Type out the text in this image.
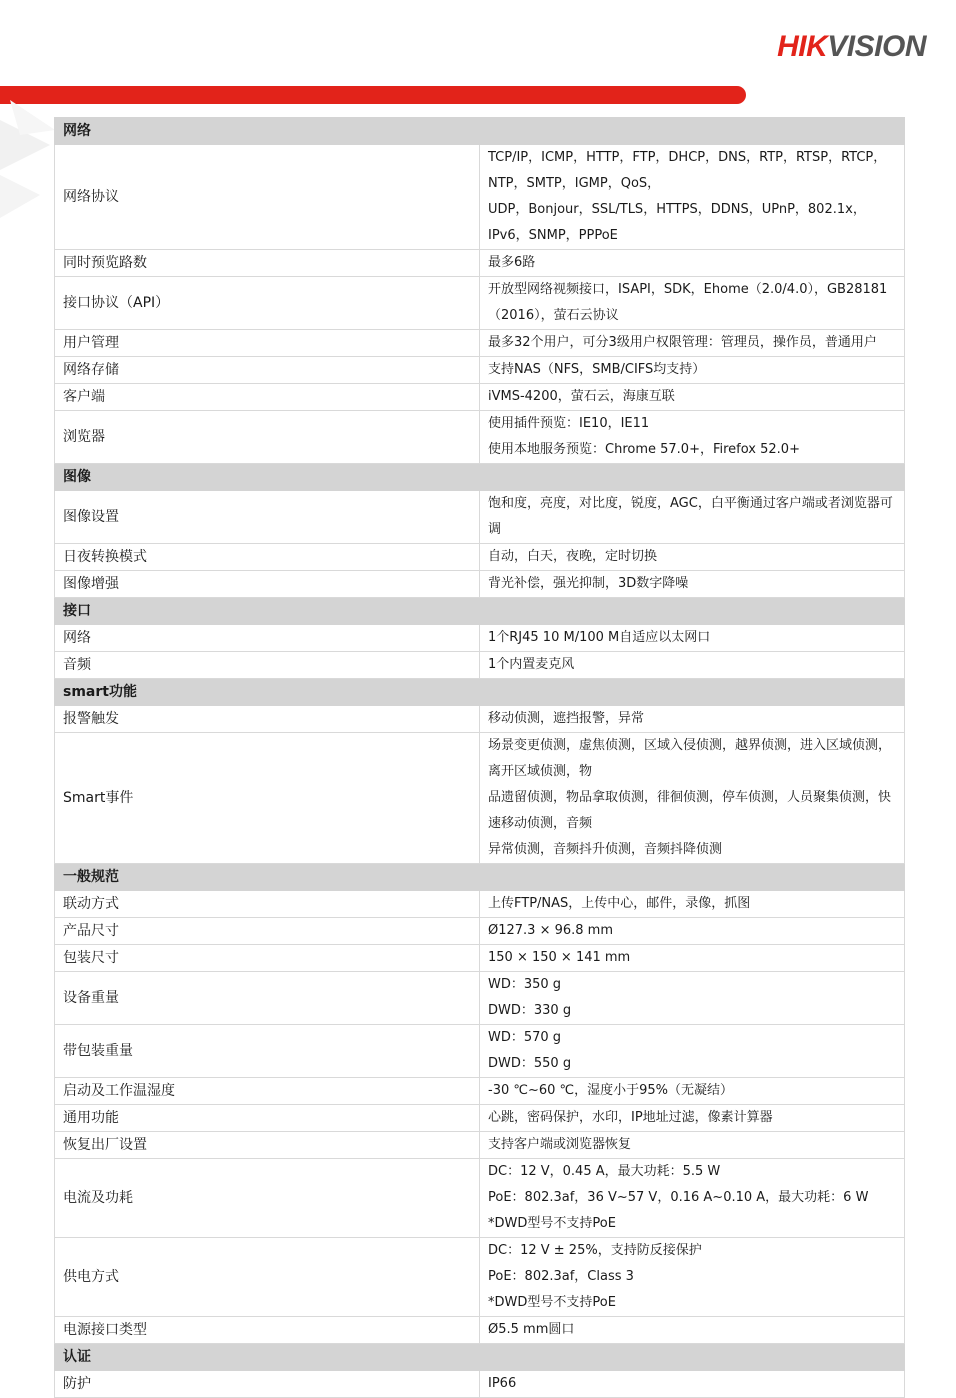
HIKVISION
网络	
网络协议	TCP/IP，ICMP，HTTP，FTP，DHCP，DNS，RTP，RTSP，RTCP，NTP，SMTP，IGMP，QoS，
UDP，Bonjour，SSL/TLS，HTTPS，DDNS，UPnP，802.1x，IPv6，SNMP，PPPoE

同时预览路数	最多6路

接口协议（API）	开放型网络视频接口，ISAPI，SDK，Ehome（2.0/4.0），GB28181（2016），萤石云协议

用户管理	最多32个用户，可分3级用户权限管理：管理员，操作员，普通用户

网络存储	支持NAS（NFS，SMB/CIFS均支持）

客户端	iVMS-4200，萤石云，海康互联

浏览器	使用插件预览：IE10，IE11
使用本地服务预览：Chrome 57.0+，Firefox 52.0+

图像	
图像设置	饱和度，亮度，对比度，锐度，AGC，白平衡通过客户端或者浏览器可调

日夜转换模式	自动，白天，夜晚，定时切换

图像增强	背光补偿，强光抑制，3D数字降噪

接口	
网络	1个RJ45 10 M/100 M自适应以太网口

音频	1个内置麦克风

smart功能	
报警触发	移动侦测，遮挡报警，异常

Smart事件	场景变更侦测，虚焦侦测，区域入侵侦测，越界侦测，进入区域侦测，离开区域侦测，物
品遗留侦测，物品拿取侦测，徘徊侦测，停车侦测，人员聚集侦测，快速移动侦测，音频
异常侦测，音频抖升侦测，音频抖降侦测

一般规范	
联动方式	上传FTP/NAS，上传中心，邮件，录像，抓图

产品尺寸	Ø127.3 × 96.8 mm

包装尺寸	150 × 150 × 141 mm

设备重量	WD：350 g
DWD：330 g

带包装重量	WD：570 g
DWD：550 g

启动及工作温湿度	-30 ℃~60 ℃，湿度小于95%（无凝结）

通用功能	心跳，密码保护，水印，IP地址过滤，像素计算器

恢复出厂设置	支持客户端或浏览器恢复

电流及功耗	DC：12 V，0.45 A，最大功耗：5.5 W
PoE：802.3af，36 V~57 V，0.16 A~0.10 A，最大功耗：6 W
*DWD型号不支持PoE

供电方式	DC：12 V ± 25%，支持防反接保护
PoE：802.3af，Class 3
*DWD型号不支持PoE

电源接口类型	Ø5.5 mm圆口

认证	
防护	IP66
